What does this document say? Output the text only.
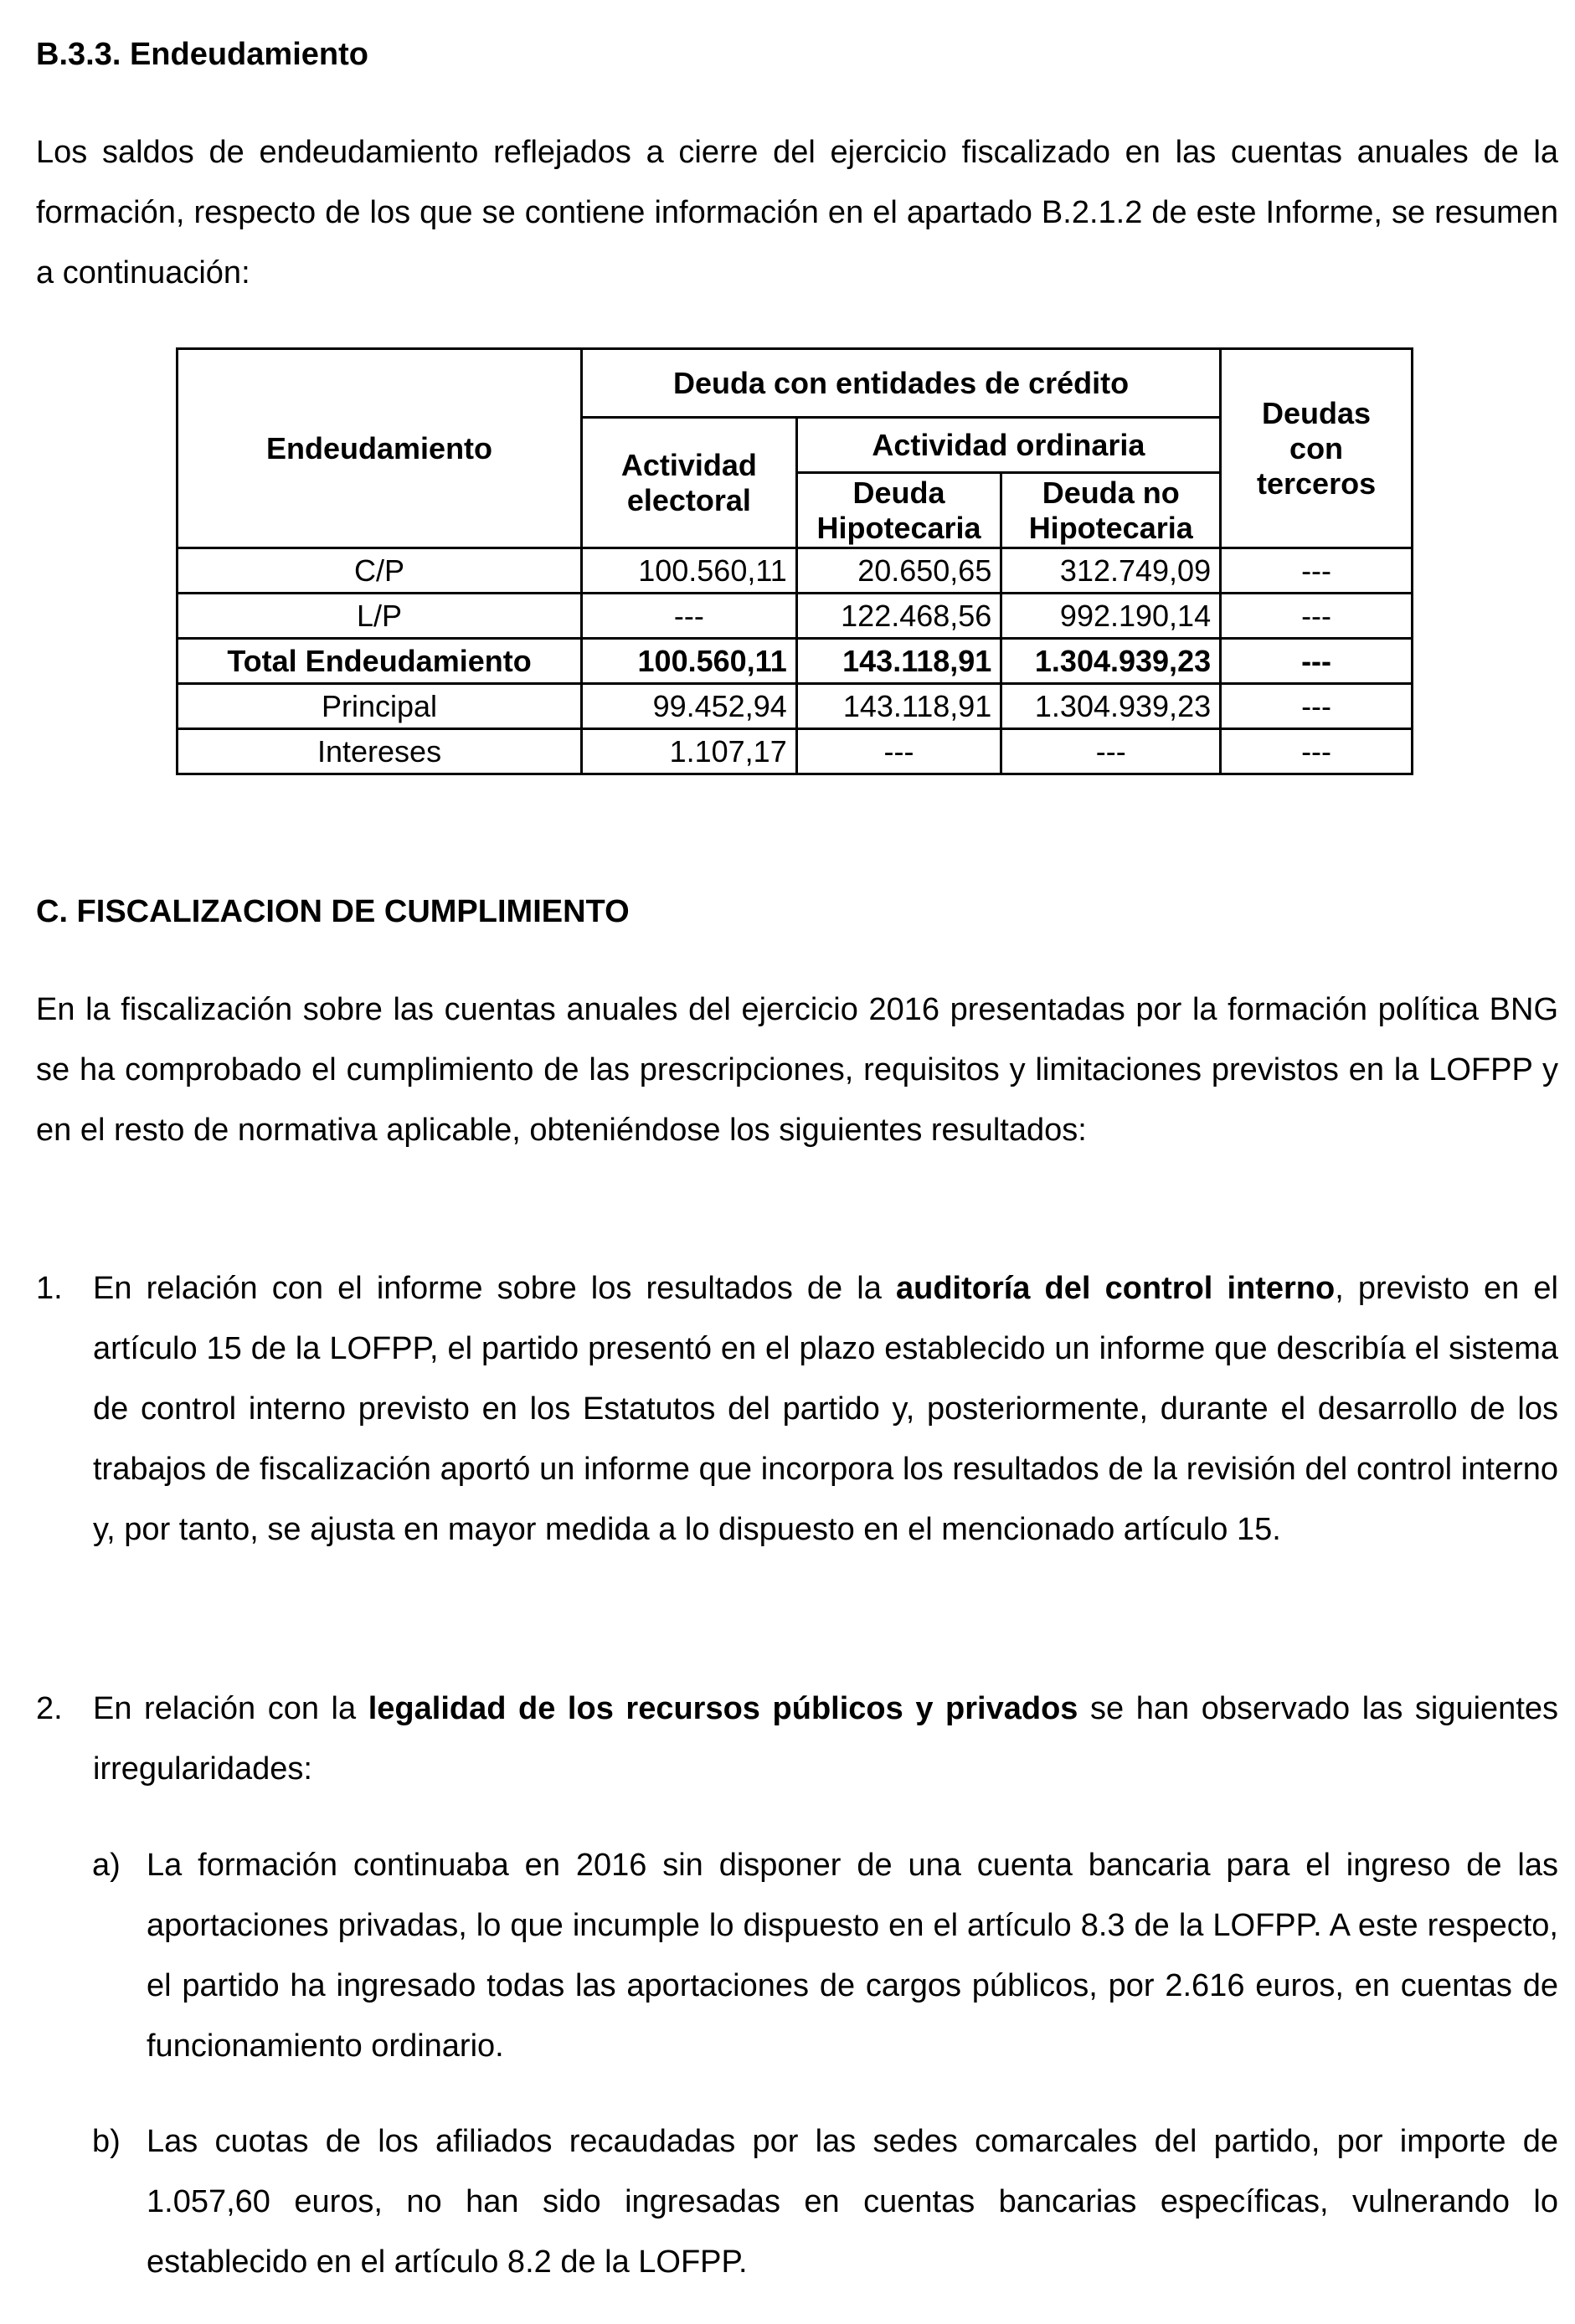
B.3.3. Endeudamiento

Los saldos de endeudamiento reflejados a cierre del ejercicio fiscalizado en las cuentas anuales de la formación, respecto de los que se contiene información en el apartado B.2.1.2 de este Informe, se resumen a continuación:

Endeudamiento	Deuda con entidades de crédito			Deudas con terceros
	Actividad electoral	Actividad ordinaria		
		Deuda Hipotecaria	Deuda no Hipotecaria	
C/P	100.560,11	20.650,65	312.749,09	---
L/P	---	122.468,56	992.190,14	---
Total Endeudamiento	100.560,11	143.118,91	1.304.939,23	---
Principal	99.452,94	143.118,91	1.304.939,23	---
Intereses	1.107,17	---	---	---
C. FISCALIZACION DE CUMPLIMIENTO

En la fiscalización sobre las cuentas anuales del ejercicio 2016 presentadas por la formación política BNG se ha comprobado el cumplimiento de las prescripciones, requisitos y limitaciones previstos en la LOFPP y en el resto de normativa aplicable, obteniéndose los siguientes resultados:

1. En relación con el informe sobre los resultados de la auditoría del control interno, previsto en el artículo 15 de la LOFPP, el partido presentó en el plazo establecido un informe que describía el sistema de control interno previsto en los Estatutos del partido y, posteriormente, durante el desarrollo de los trabajos de fiscalización aportó un informe que incorpora los resultados de la revisión del control interno y, por tanto, se ajusta en mayor medida a lo dispuesto en el mencionado artículo 15.
2. En relación con la legalidad de los recursos públicos y privados se han observado las siguientes irregularidades:
a) La formación continuaba en 2016 sin disponer de una cuenta bancaria para el ingreso de las aportaciones privadas, lo que incumple lo dispuesto en el artículo 8.3 de la LOFPP. A este respecto, el partido ha ingresado todas las aportaciones de cargos públicos, por 2.616 euros, en cuentas de funcionamiento ordinario.
b) Las cuotas de los afiliados recaudadas por las sedes comarcales del partido, por importe de 1.057,60 euros, no han sido ingresadas en cuentas bancarias específicas, vulnerando lo establecido en el artículo 8.2 de la LOFPP.
